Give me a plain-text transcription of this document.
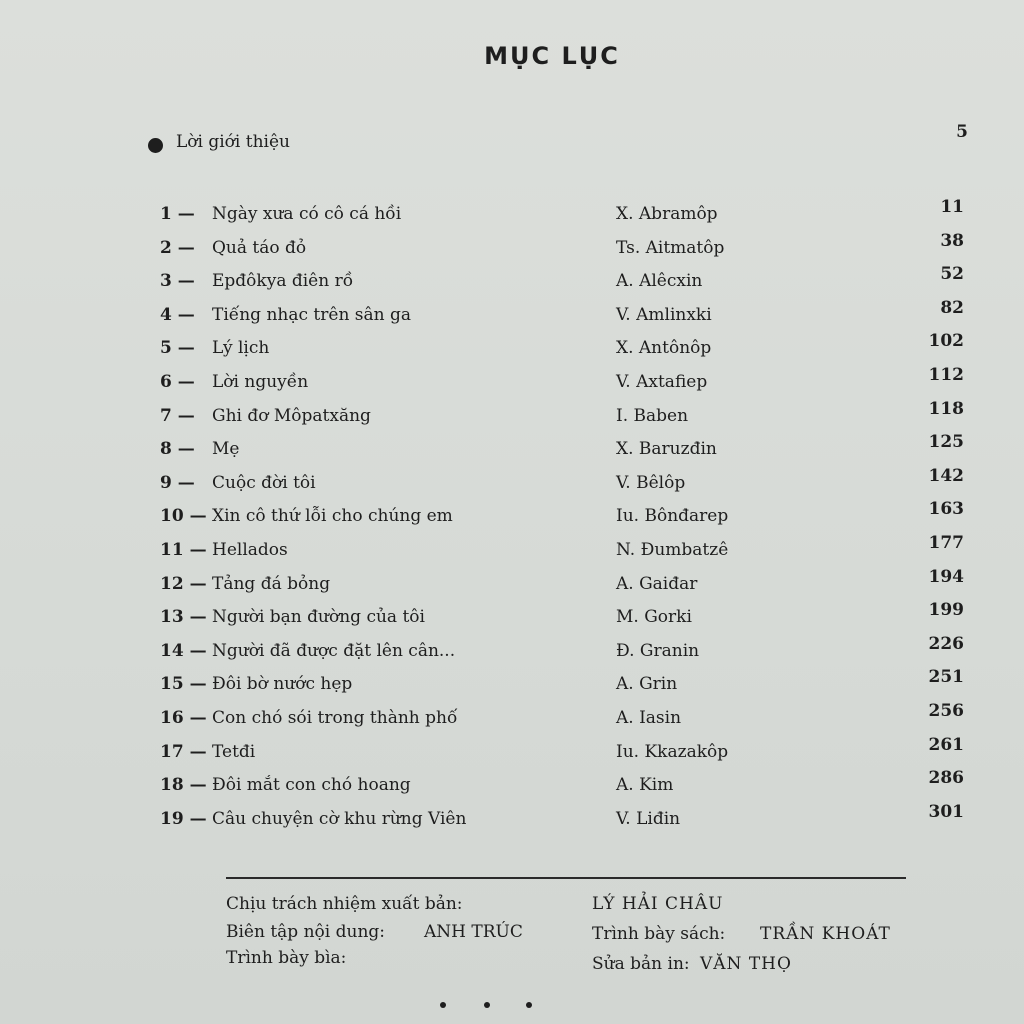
MỤC LỤC
Lời giới thiệu	5
1 —	Ngày xưa có cô cá hồi	X. Abramôp	11
2 —	Quả táo đỏ	Ts. Aitmatôp	38
3 —	Epđôkya điên rồ	A. Alêcxin	52
4 —	Tiếng nhạc trên sân ga	V. Amlinxki	82
5 —	Lý lịch	X. Antônôp	102
6 —	Lời nguyền	V. Axtafiep	112
7 —	Ghi đơ Môpatxăng	I. Baben	118
8 —	Mẹ	X. Baruzđin	125
9 —	Cuộc đời tôi	V. Bêlôp	142
10 — Xin cô thứ lỗi cho chúng em	Iu. Bônđarep	163
11 — Hellados	N. Đumbatzê	177
12 — Tảng đá bỏng	A. Gaiđar	194
13 — Người bạn đường của tôi	M. Gorki	199
14 — Người đã được đặt lên cân...	Đ. Granin	226
15 — Đôi bờ nước hẹp	A. Grin	251
16 — Con chó sói trong thành phố	A. Iasin	256
17 — Tetđi	Iu. Kkazakôp	261
18 — Đôi mắt con chó hoang	A. Kim	286
19 — Câu chuyện cờ khu rừng Viên	V. Liđin	301
Chịu trách nhiệm xuất bản:	LÝ HẢI CHÂU
Biên tập nội dung: ANH TRÚC	Trình bày sách: TRẦN KHOÁT
Trình bày bìa:	Sửa bản in: VĂN THỌ
